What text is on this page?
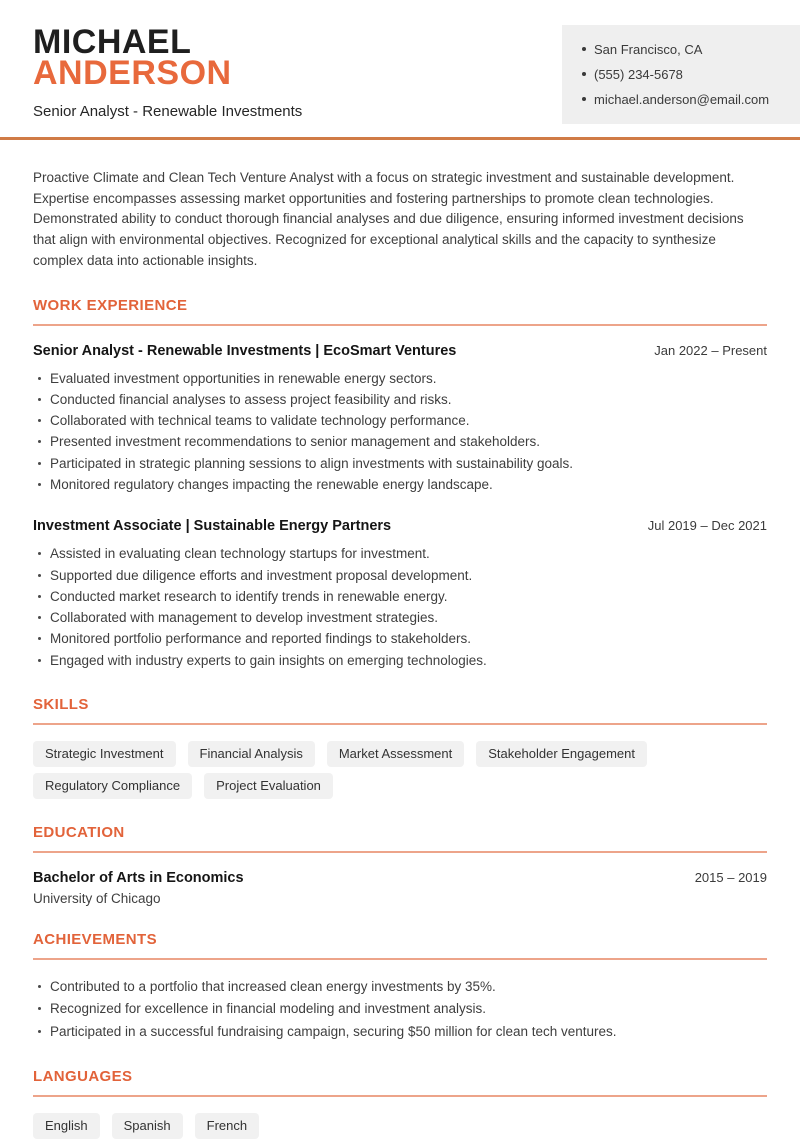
MICHAEL
ANDERSON
Senior Analyst - Renewable Investments
San Francisco, CA
(555) 234-5678
michael.anderson@email.com

Proactive Climate and Clean Tech Venture Analyst with a focus on strategic investment and sustainable development. Expertise encompasses assessing market opportunities and fostering partnerships to promote clean technologies. Demonstrated ability to conduct thorough financial analyses and due diligence, ensuring informed investment decisions that align with environmental objectives. Recognized for exceptional analytical skills and the capacity to synthesize complex data into actionable insights.

WORK EXPERIENCE
Senior Analyst - Renewable Investments | EcoSmart Ventures	Jan 2022 – Present
Evaluated investment opportunities in renewable energy sectors.
Conducted financial analyses to assess project feasibility and risks.
Collaborated with technical teams to validate technology performance.
Presented investment recommendations to senior management and stakeholders.
Participated in strategic planning sessions to align investments with sustainability goals.
Monitored regulatory changes impacting the renewable energy landscape.
Investment Associate | Sustainable Energy Partners	Jul 2019 – Dec 2021
Assisted in evaluating clean technology startups for investment.
Supported due diligence efforts and investment proposal development.
Conducted market research to identify trends in renewable energy.
Collaborated with management to develop investment strategies.
Monitored portfolio performance and reported findings to stakeholders.
Engaged with industry experts to gain insights on emerging technologies.
SKILLS
Strategic Investment	Financial Analysis	Market Assessment	Stakeholder Engagement
Regulatory Compliance	Project Evaluation
EDUCATION
Bachelor of Arts in Economics	2015 – 2019
University of Chicago
ACHIEVEMENTS
Contributed to a portfolio that increased clean energy investments by 35%.
Recognized for excellence in financial modeling and investment analysis.
Participated in a successful fundraising campaign, securing $50 million for clean tech ventures.
LANGUAGES
English	Spanish	French
